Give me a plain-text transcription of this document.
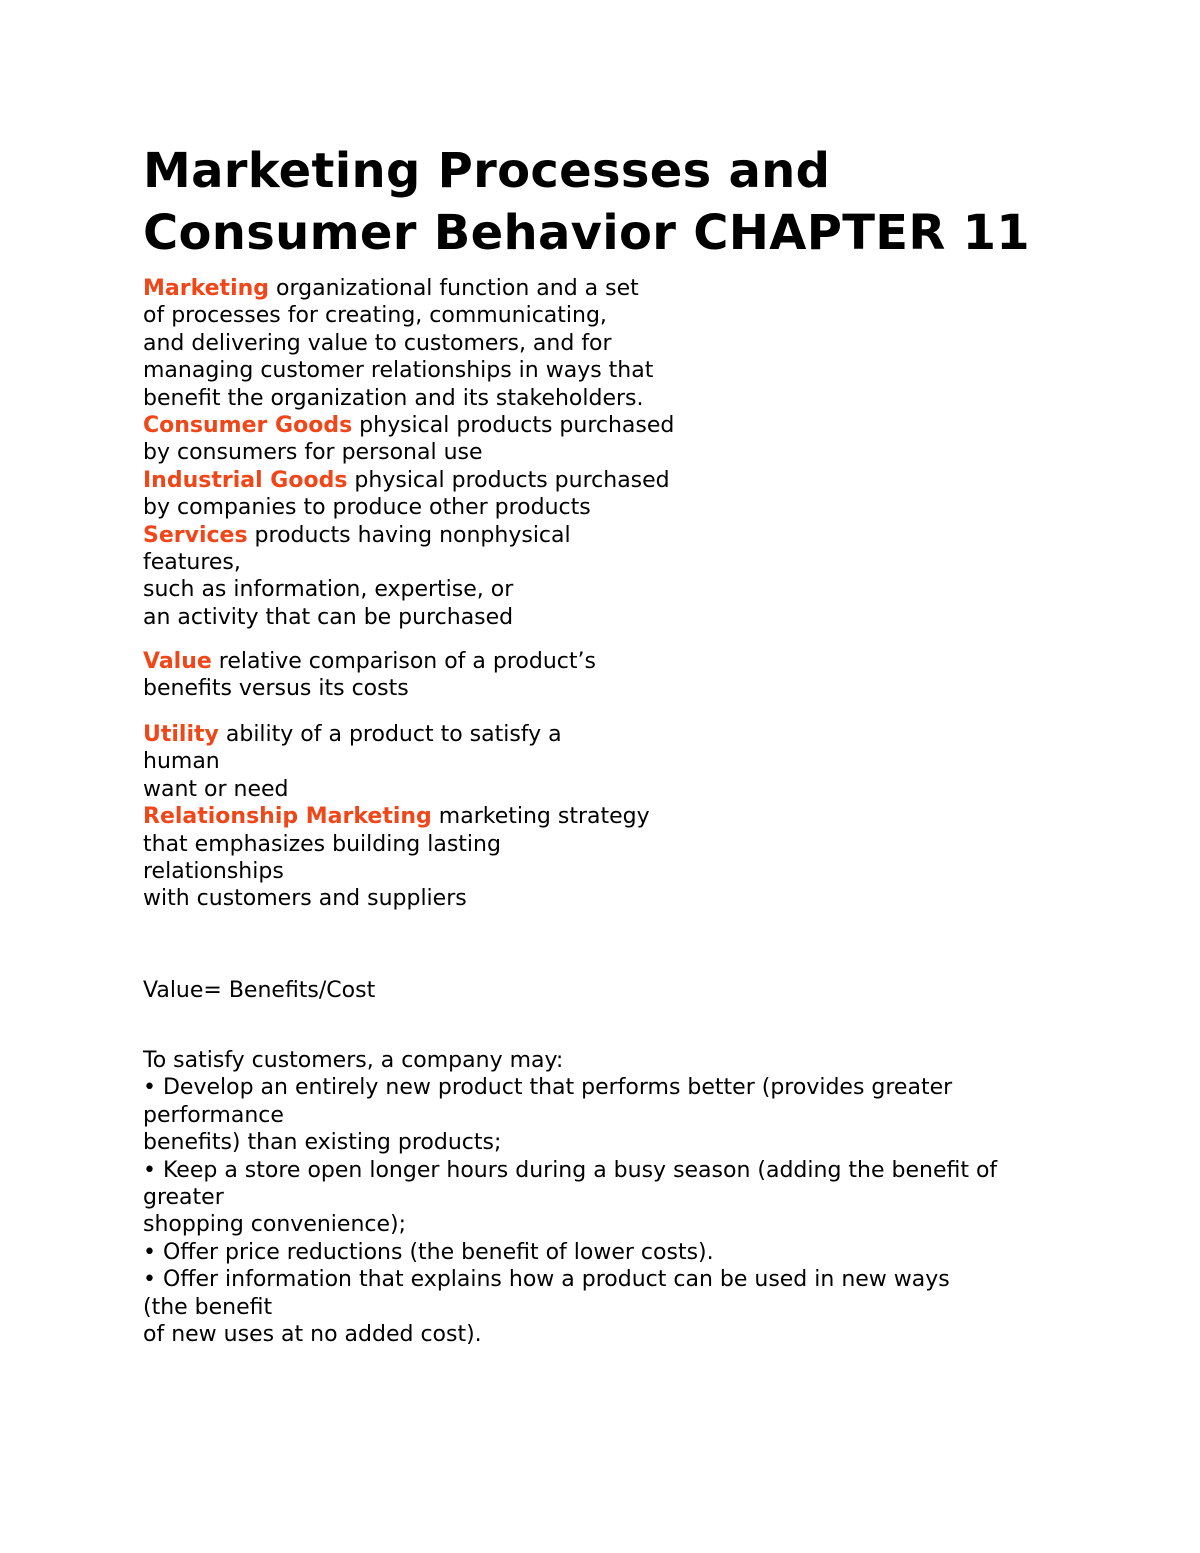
Marketing Processes and
Consumer Behavior CHAPTER 11
Marketing organizational function and a set
of processes for creating, communicating,
and delivering value to customers, and for
managing customer relationships in ways that
benefit the organization and its stakeholders.
Consumer Goods physical products purchased
by consumers for personal use
Industrial Goods physical products purchased
by companies to produce other products
Services products having nonphysical
features,
such as information, expertise, or
an activity that can be purchased
Value relative comparison of a product’s
benefits versus its costs
Utility ability of a product to satisfy a
human
want or need
Relationship Marketing marketing strategy
that emphasizes building lasting
relationships
with customers and suppliers
Value= Benefits/Cost
To satisfy customers, a company may:
• Develop an entirely new product that performs better (provides greater
performance
benefits) than existing products;
• Keep a store open longer hours during a busy season (adding the benefit of
greater
shopping convenience);
• Offer price reductions (the benefit of lower costs).
• Offer information that explains how a product can be used in new ways
(the benefit
of new uses at no added cost).
